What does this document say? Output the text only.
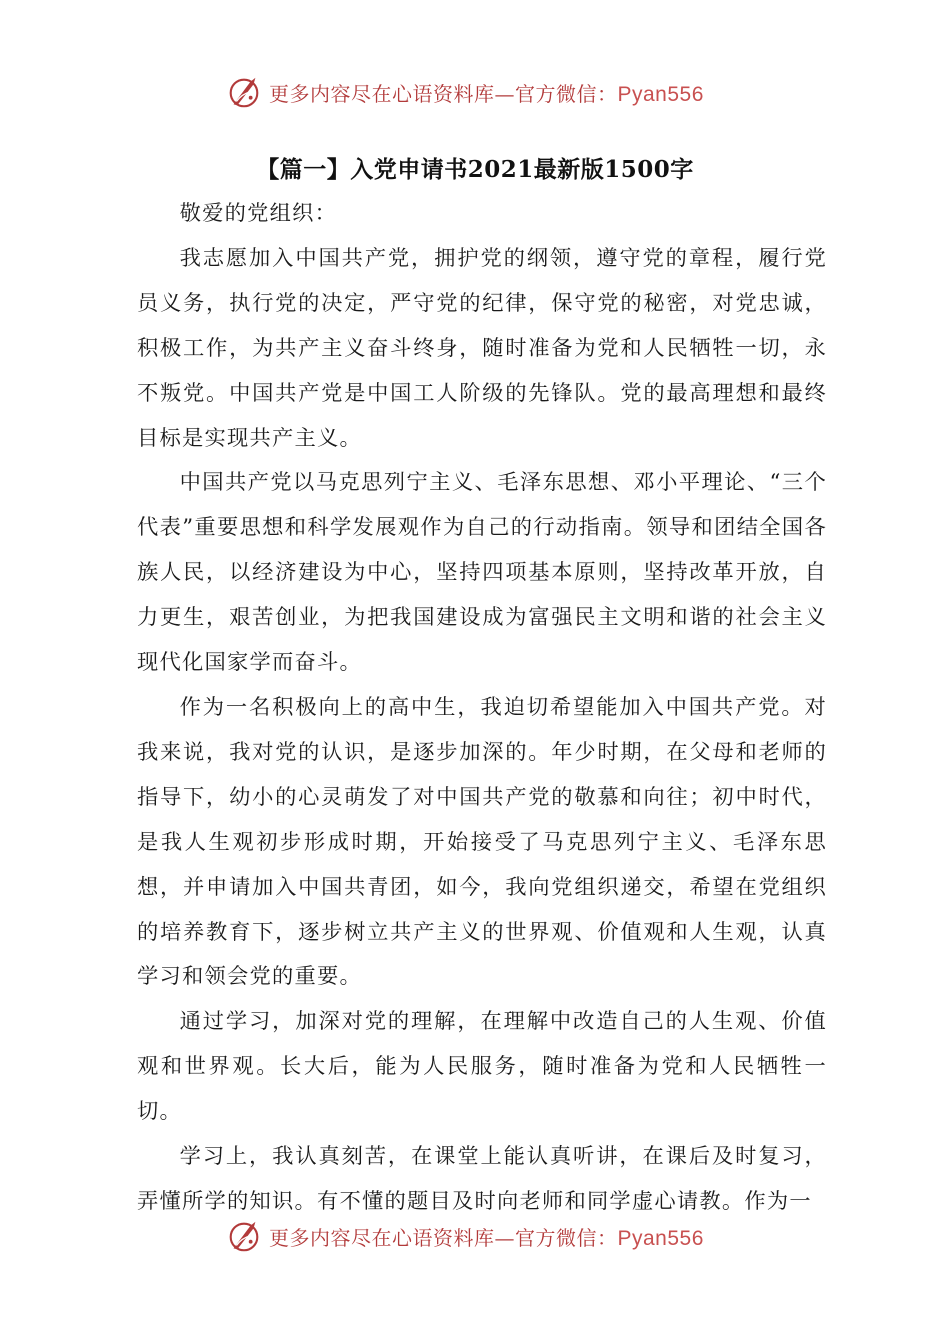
更多内容尽在心语资料库—官方微信：Pyan556
【篇一】入党申请书2021最新版1500字

敬爱的党组织：

我志愿加入中国共产党，拥护党的纲领，遵守党的章程，履行党员义务，执行党的决定，严守党的纪律，保守党的秘密，对党忠诚，积极工作，为共产主义奋斗终身，随时准备为党和人民牺牲一切，永不叛党。中国共产党是中国工人阶级的先锋队。党的最高理想和最终目标是实现共产主义。

中国共产党以马克思列宁主义、毛泽东思想、邓小平理论、“三个代表”重要思想和科学发展观作为自己的行动指南。领导和团结全国各族人民，以经济建设为中心，坚持四项基本原则，坚持改革开放，自力更生，艰苦创业，为把我国建设成为富强民主文明和谐的社会主义现代化国家学而奋斗。

作为一名积极向上的高中生，我迫切希望能加入中国共产党。对我来说，我对党的认识，是逐步加深的。年少时期，在父母和老师的指导下，幼小的心灵萌发了对中国共产党的敬慕和向往；初中时代，是我人生观初步形成时期，开始接受了马克思列宁主义、毛泽东思想，并申请加入中国共青团，如今，我向党组织递交，希望在党组织的培养教育下，逐步树立共产主义的世界观、价值观和人生观，认真学习和领会党的重要。

通过学习，加深对党的理解，在理解中改造自己的人生观、价值观和世界观。长大后，能为人民服务，随时准备为党和人民牺牲一切。

学习上，我认真刻苦，在课堂上能认真听讲，在课后及时复习，弄懂所学的知识。有不懂的题目及时向老师和同学虚心请教。作为一

更多内容尽在心语资料库—官方微信：Pyan556
